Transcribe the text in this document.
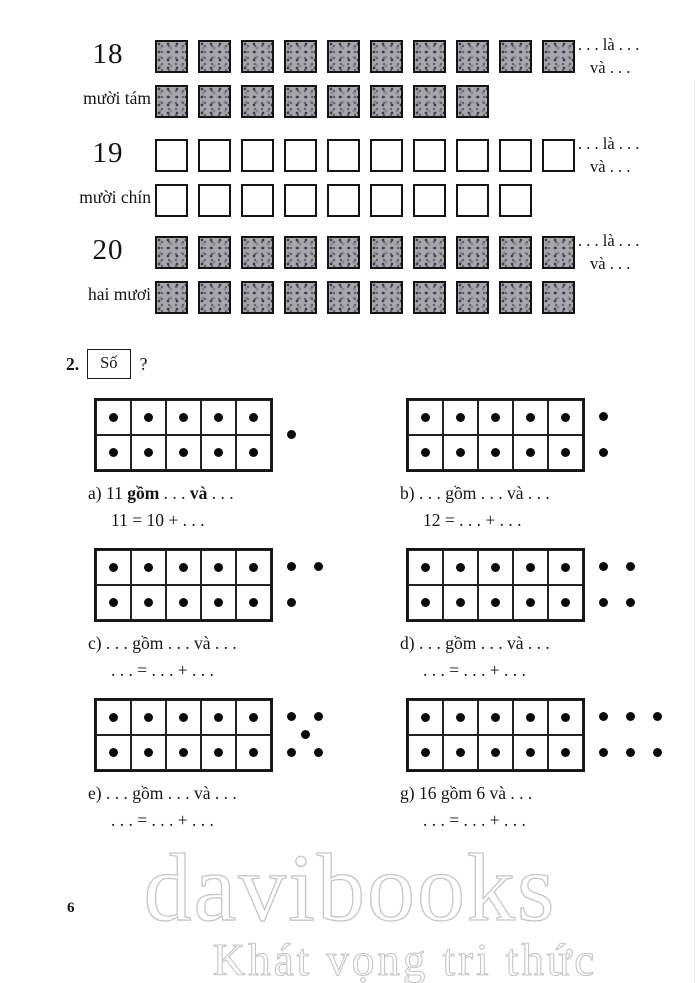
18
mười tám
. . . là . . .
và . . .
19
mười chín
. . . là . . .
và . . .
20
hai mươi
. . . là . . .
và . . .
2.	Số	?
a) 11 gồm . . . và . . .
11 = 10 + . . .
b) . . . gồm . . . và . . .
12 = . . . + . . .
c) . . . gồm . . . và . . .
. . . = . . . + . . .
d) . . . gồm . . . và . . .
. . . = . . . + . . .
e) . . . gồm . . . và . . .
. . . = . . . + . . .
g) 16 gồm 6 và . . .
. . . = . . . + . . .
6 davibooks
Khát vọng tri thức
